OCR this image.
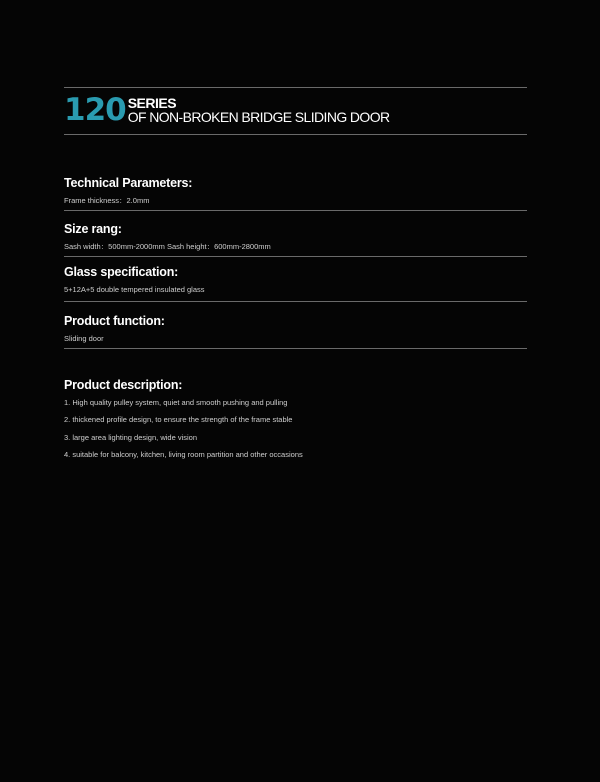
120 SERIES
OF NON-BROKEN BRIDGE SLIDING DOOR
Technical Parameters:
Frame thickness：2.0mm
Size rang:
Sash width：500mm-2000mm Sash height：600mm-2800mm
Glass specification:
5+12A+5 double tempered insulated glass
Product function:
Sliding door
Product description:
1. High quality pulley system, quiet and smooth pushing and pulling
2. thickened profile design, to ensure the strength of the frame stable
3. large area lighting design, wide vision
4. suitable for balcony, kitchen, living room partition and other occasions
